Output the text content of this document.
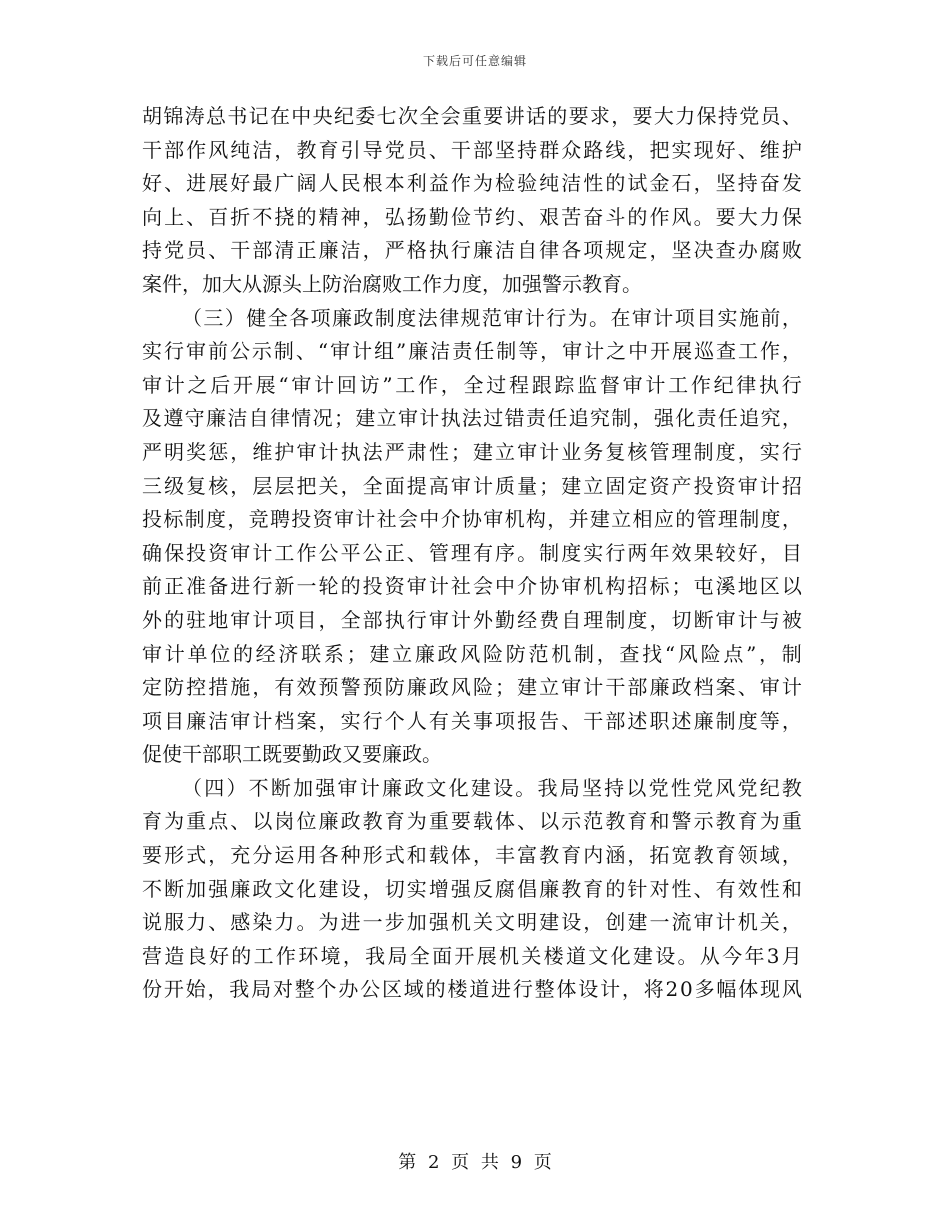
下载后可任意编辑
胡 锦 涛 总 书 记 在 中 央 纪 委 七 次 全 会 重 要 讲 话 的 要 求 ， 要 大 力 保 持 党 员 、
干 部 作 风 纯 洁 ， 教 育 引 导 党 员 、 干 部 坚 持 群 众 路 线 ， 把 实 现 好 、 维 护
好 、 进 展 好 最 广 阔 人 民 根 本 利 益 作 为 检 验 纯 洁 性 的 试 金 石 ， 坚 持 奋 发
向 上 、 百 折 不 挠 的 精 神 ， 弘 扬 勤 俭 节 约 、 艰 苦 奋 斗 的 作 风 。 要 大 力 保
持 党 员 、 干 部 清 正 廉 洁 ， 严 格 执 行 廉 洁 自 律 各 项 规 定 ， 坚 决 查 办 腐 败
案件，加大从源头上防治腐败工作力度，加强警示教育。
（ 三 ） 健 全 各 项 廉 政 制 度 法 律 规 范 审 计 行 为 。 在 审 计 项 目 实 施 前 ，
实 行 审 前 公 示 制 、 “ 审 计 组 ” 廉 洁 责 任 制 等 ， 审 计 之 中 开 展 巡 查 工 作 ，
审 计 之 后 开 展 “ 审 计 回 访 ” 工 作 ， 全 过 程 跟 踪 监 督 审 计 工 作 纪 律 执 行
及 遵 守 廉 洁 自 律 情 况 ； 建 立 审 计 执 法 过 错 责 任 追 究 制 ， 强 化 责 任 追 究 ，
严 明 奖 惩 ， 维 护 审 计 执 法 严 肃 性 ； 建 立 审 计 业 务 复 核 管 理 制 度 ， 实 行
三 级 复 核 ， 层 层 把 关 ， 全 面 提 高 审 计 质 量 ； 建 立 固 定 资 产 投 资 审 计 招
投 标 制 度 ， 竞 聘 投 资 审 计 社 会 中 介 协 审 机 构 ， 并 建 立 相 应 的 管 理 制 度 ，
确 保 投 资 审 计 工 作 公 平 公 正 、 管 理 有 序 。 制 度 实 行 两 年 效 果 较 好 ， 目
前 正 准 备 进 行 新 一 轮 的 投 资 审 计 社 会 中 介 协 审 机 构 招 标 ； 屯 溪 地 区 以
外 的 驻 地 审 计 项 目 ， 全 部 执 行 审 计 外 勤 经 费 自 理 制 度 ， 切 断 审 计 与 被
审 计 单 位 的 经 济 联 系 ； 建 立 廉 政 风 险 防 范 机 制 ， 查 找 “ 风 险 点 ” ， 制
定 防 控 措 施 ， 有 效 预 警 预 防 廉 政 风 险 ； 建 立 审 计 干 部 廉 政 档 案 、 审 计
项 目 廉 洁 审 计 档 案 ， 实 行 个 人 有 关 事 项 报 告 、 干 部 述 职 述 廉 制 度 等 ，
促使干部职工既要勤政又要廉政。
（ 四 ） 不 断 加 强 审 计 廉 政 文 化 建 设 。 我 局 坚 持 以 党 性 党 风 党 纪 教
育 为 重 点 、 以 岗 位 廉 政 教 育 为 重 要 载 体 、 以 示 范 教 育 和 警 示 教 育 为 重
要 形 式 ， 充 分 运 用 各 种 形 式 和 载 体 ， 丰 富 教 育 内 涵 ， 拓 宽 教 育 领 域 ，
不 断 加 强 廉 政 文 化 建 设 ， 切 实 增 强 反 腐 倡 廉 教 育 的 针 对 性 、 有 效 性 和
说 服 力 、 感 染 力 。 为 进 一 步 加 强 机 关 文 明 建 设 ， 创 建 一 流 审 计 机 关 ，
营 造 良 好 的 工 作 环 境 ， 我 局 全 面 开 展 机 关 楼 道 文 化 建 设 。 从 今 年 3 月
份 开 始 ， 我 局 对 整 个 办 公 区 域 的 楼 道 进 行 整 体 设 计 ， 将 2 0 多 幅 体 现 风
第 2 页 共 9 页
